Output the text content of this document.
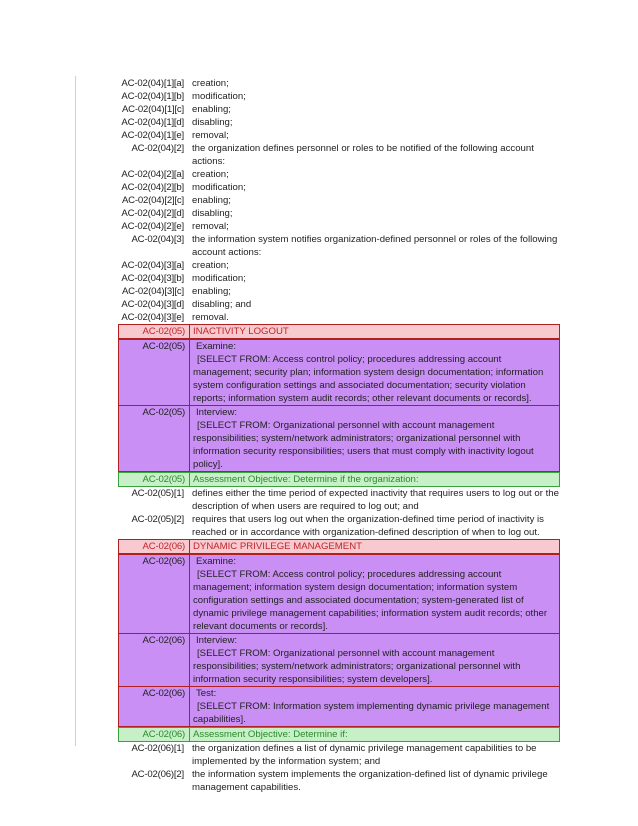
AC-02(04)[1][a] creation;
AC-02(04)[1][b] modification;
AC-02(04)[1][c] enabling;
AC-02(04)[1][d] disabling;
AC-02(04)[1][e] removal;
AC-02(04)[2] the organization defines personnel or roles to be notified of the following account actions:
AC-02(04)[2][a] creation;
AC-02(04)[2][b] modification;
AC-02(04)[2][c] enabling;
AC-02(04)[2][d] disabling;
AC-02(04)[2][e] removal;
AC-02(04)[3] the information system notifies organization-defined personnel or roles of the following account actions:
AC-02(04)[3][a] creation;
AC-02(04)[3][b] modification;
AC-02(04)[3][c] enabling;
AC-02(04)[3][d] disabling; and
AC-02(04)[3][e] removal.
AC-02(05) INACTIVITY LOGOUT
AC-02(05)	Examine:
[SELECT FROM: Access control policy; procedures addressing account management; security plan; information system design documentation; information system configuration settings and associated documentation; security violation reports; information system audit records; other relevant documents or records].
AC-02(05)	Interview:
[SELECT FROM: Organizational personnel with account management responsibilities; system/network administrators; organizational personnel with information security responsibilities; users that must comply with inactivity logout policy].
AC-02(05) Assessment Objective: Determine if the organization:
AC-02(05)[1] defines either the time period of expected inactivity that requires users to log out or the description of when users are required to log out; and
AC-02(05)[2] requires that users log out when the organization-defined time period of inactivity is reached or in accordance with organization-defined description of when to log out.
AC-02(06) DYNAMIC PRIVILEGE MANAGEMENT
AC-02(06)	Examine:
[SELECT FROM: Access control policy; procedures addressing account management; information system design documentation; information system configuration settings and associated documentation; system-generated list of dynamic privilege management capabilities; information system audit records; other relevant documents or records].
AC-02(06)	Interview:
[SELECT FROM: Organizational personnel with account management responsibilities; system/network administrators; organizational personnel with information security responsibilities; system developers].
AC-02(06)	Test:
[SELECT FROM: Information system implementing dynamic privilege management capabilities].
AC-02(06) Assessment Objective: Determine if:
AC-02(06)[1] the organization defines a list of dynamic privilege management capabilities to be implemented by the information system; and
AC-02(06)[2] the information system implements the organization-defined list of dynamic privilege management capabilities.
